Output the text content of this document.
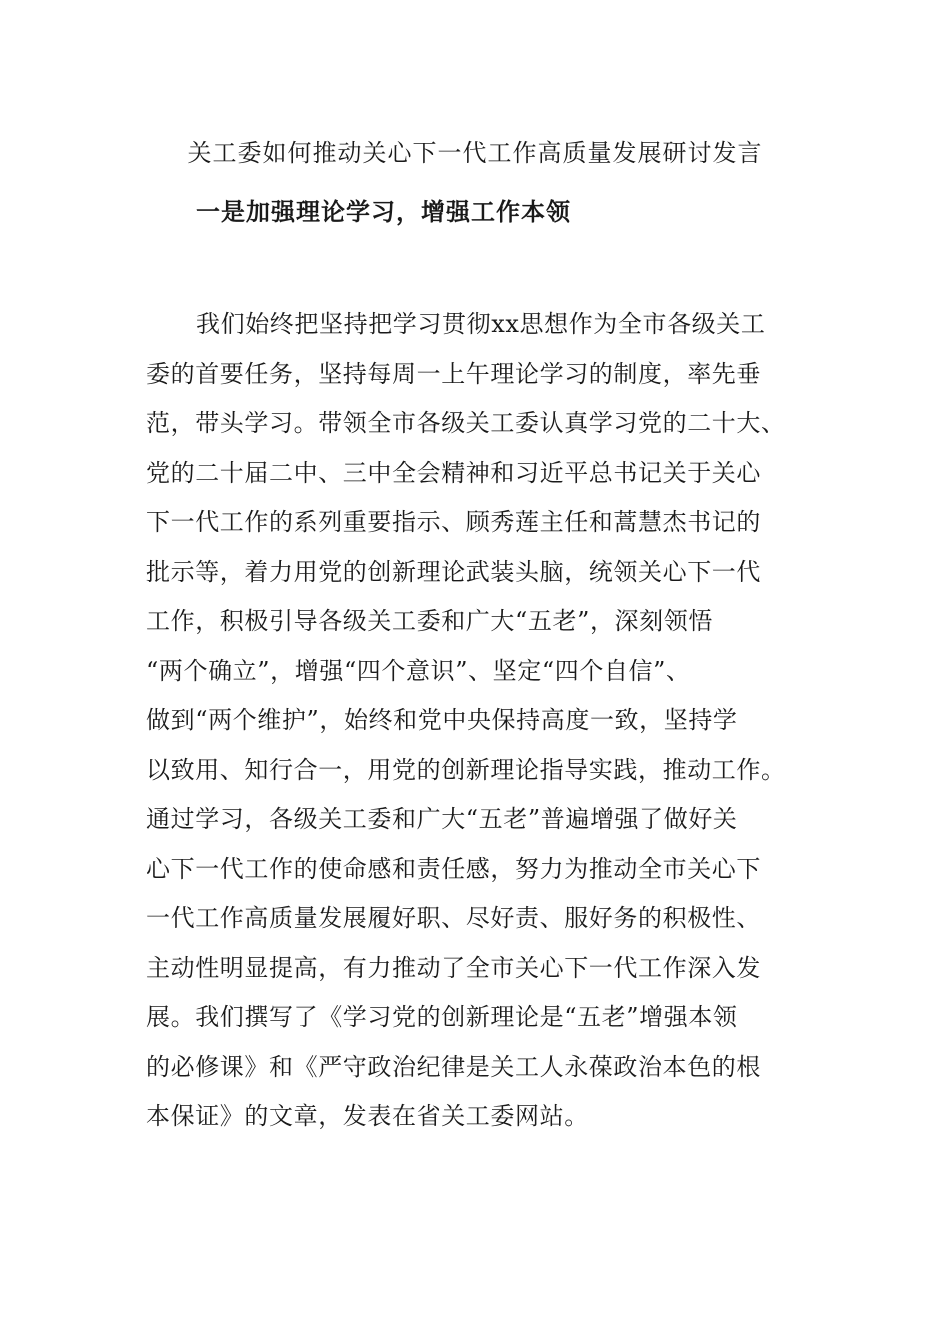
关工委如何推动关心下一代工作高质量发展研讨发言
一是加强理论学习，增强工作本领
我们始终把坚持把学习贯彻xx思想作为全市各级关工
委的首要任务，坚持每周一上午理论学习的制度，率先垂
范，带头学习。带领全市各级关工委认真学习党的二十大、
党的二十届二中、三中全会精神和习近平总书记关于关心
下一代工作的系列重要指示、顾秀莲主任和蒿慧杰书记的
批示等，着力用党的创新理论武装头脑，统领关心下一代
工作，积极引导各级关工委和广大“五老”，深刻领悟
“两个确立”，增强“四个意识”、坚定“四个自信”、
做到“两个维护”，始终和党中央保持高度一致，坚持学
以致用、知行合一，用党的创新理论指导实践，推动工作。
通过学习，各级关工委和广大“五老”普遍增强了做好关
心下一代工作的使命感和责任感，努力为推动全市关心下
一代工作高质量发展履好职、尽好责、服好务的积极性、
主动性明显提高，有力推动了全市关心下一代工作深入发
展。我们撰写了《学习党的创新理论是“五老”增强本领
的必修课》和《严守政治纪律是关工人永葆政治本色的根
本保证》的文章，发表在省关工委网站。
